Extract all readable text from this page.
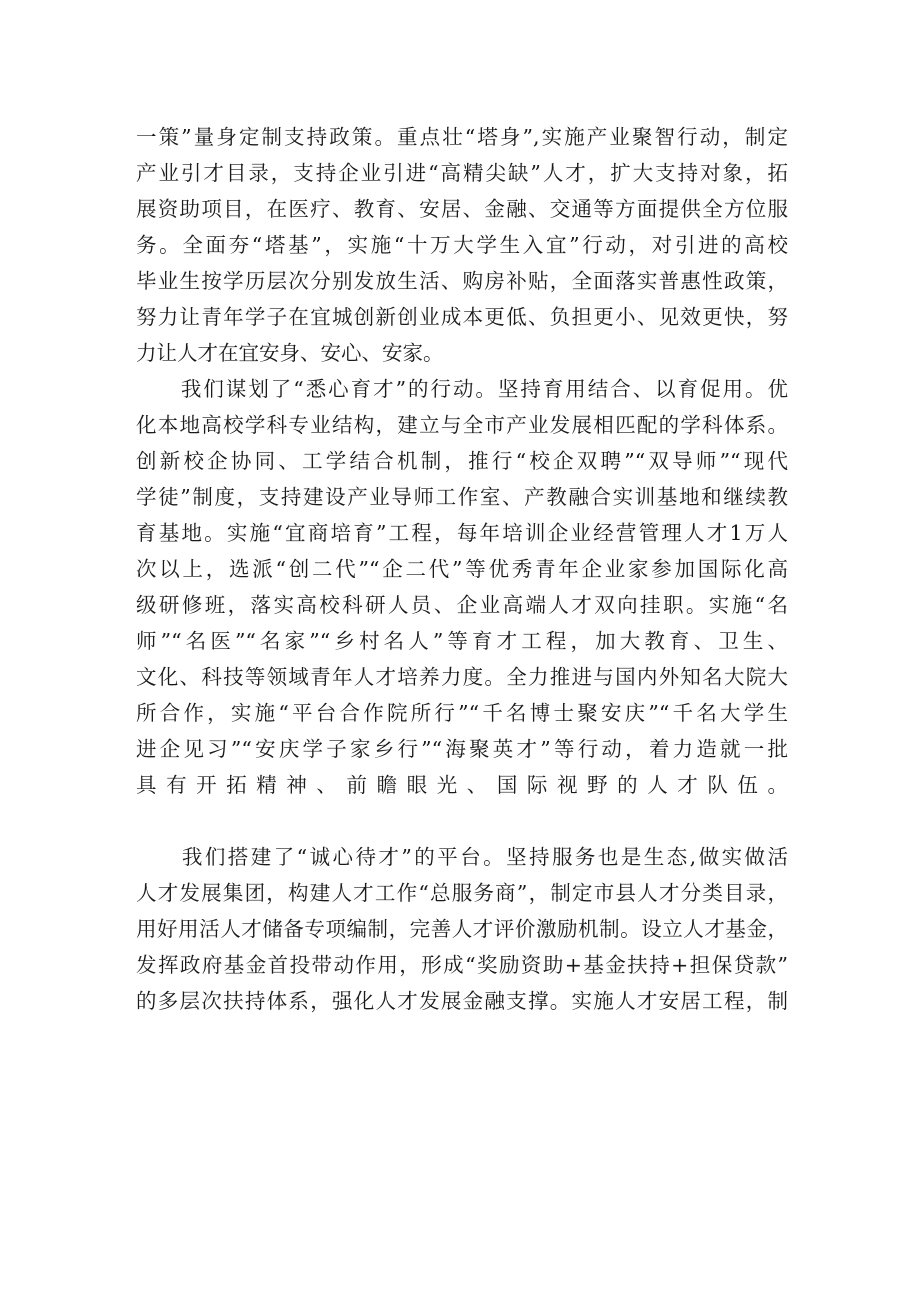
一策”量身定制支持政策。重点壮“塔身”,实施产业聚智行动，制定
产业引才目录，支持企业引进“高精尖缺”人才，扩大支持对象，拓
展资助项目，在医疗、教育、安居、金融、交通等方面提供全方位服
务。全面夯“塔基”，实施“十万大学生入宜”行动，对引进的高校
毕业生按学历层次分别发放生活、购房补贴，全面落实普惠性政策，
努力让青年学子在宜城创新创业成本更低、负担更小、见效更快，努
力让人才在宜安身、安心、安家。
　　我们谋划了“悉心育才”的行动。坚持育用结合、以育促用。优
化本地高校学科专业结构，建立与全市产业发展相匹配的学科体系。
创新校企协同、工学结合机制，推行“校企双聘”“双导师”“现代
学徒”制度，支持建设产业导师工作室、产教融合实训基地和继续教
育基地。实施“宜商培育”工程，每年培训企业经营管理人才1万人
次以上，选派“创二代”“企二代”等优秀青年企业家参加国际化高
级研修班，落实高校科研人员、企业高端人才双向挂职。实施“名
师”“名医”“名家”“乡村名人”等育才工程，加大教育、卫生、
文化、科技等领域青年人才培养力度。全力推进与国内外知名大院大
所合作，实施“平台合作院所行”“千名博士聚安庆”“千名大学生
进企见习”“安庆学子家乡行”“海聚英才”等行动，着力造就一批
具有开拓精神、前瞻眼光、国际视野的人才队伍。
　　我们搭建了“诚心待才”的平台。坚持服务也是生态,做实做活
人才发展集团，构建人才工作“总服务商”，制定市县人才分类目录，
用好用活人才储备专项编制，完善人才评价激励机制。设立人才基金，
发挥政府基金首投带动作用，形成“奖励资助+基金扶持+担保贷款”
的多层次扶持体系，强化人才发展金融支撑。实施人才安居工程，制
